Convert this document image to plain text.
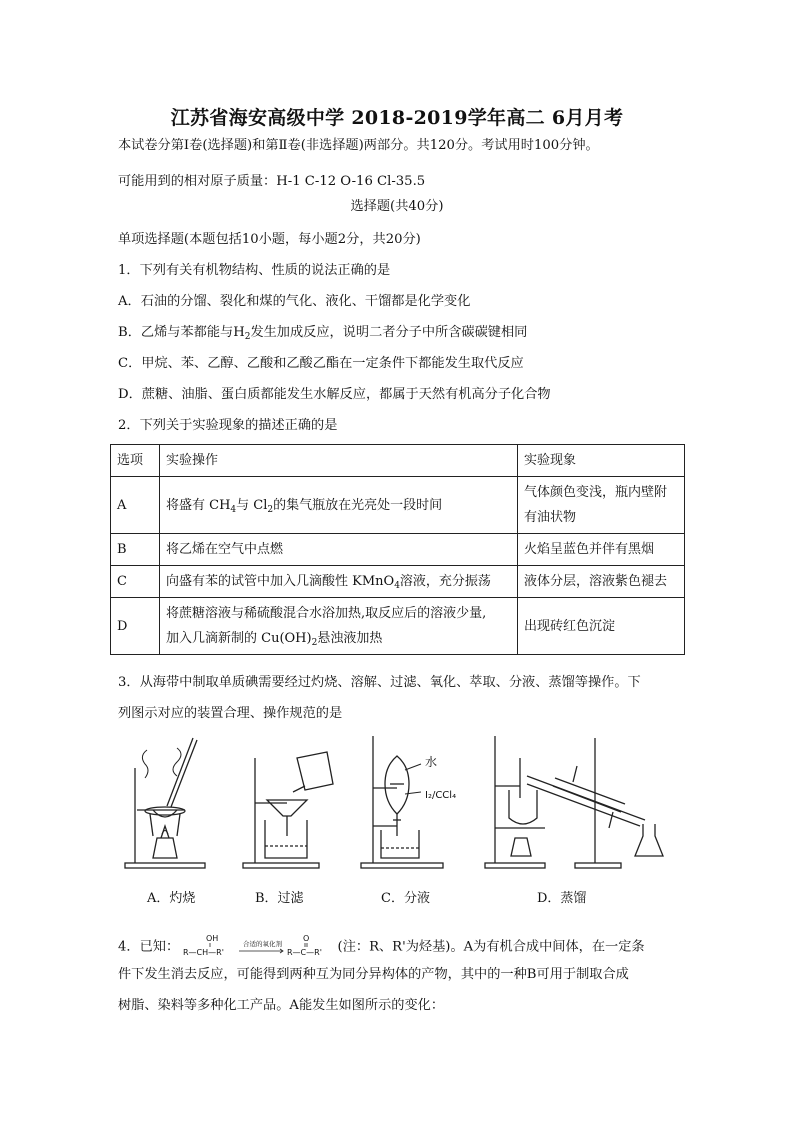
江苏省海安高级中学 2018-2019学年高二 6月月考
本试卷分第Ⅰ卷(选择题)和第Ⅱ卷(非选择题)两部分。共120分。考试用时100分钟。
可能用到的相对原子质量：H-1 C-12 O-16 Cl-35.5
选择题(共40分)
单项选择题(本题包括10小题，每小题2分，共20分)
1．下列有关有机物结构、性质的说法正确的是
A．石油的分馏、裂化和煤的气化、液化、干馏都是化学变化
B．乙烯与苯都能与$H_2$发生加成反应，说明二者分子中所含碳碳键相同
C．甲烷、苯、乙醇、乙酸和乙酸乙酯在一定条件下都能发生取代反应
D．蔗糖、油脂、蛋白质都能发生水解反应，都属于天然有机高分子化合物
2．下列关于实验现象的描述正确的是
选项	实验操作	实验现象
A	将盛有 $CH_4$与 $Cl_2$的集气瓶放在光亮处一段时间	气体颜色变浅，瓶内壁附
有油状物

B	将乙烯在空气中点燃	火焰呈蓝色并伴有黑烟
C	向盛有苯的试管中加入几滴酸性 KMnO$_4$溶液，充分振荡	液体分层，溶液紫色褪去
D	将蔗糖溶液与稀硫酸混合水浴加热,取反应后的溶液少量,
加入几滴新制的 $Cu(OH)_2$悬浊液加热	出现砖红色沉淀
3．从海带中制取单质碘需要经过灼烧、溶解、过滤、氧化、萃取、分液、蒸馏等操作。下
列图示对应的装置合理、操作规范的是
水
I₂/CCl₄
A．灼烧	B．过滤	C．分液	D．蒸馏
4．已知：
OH
R—CH—R'
合适的氧化剂
O
R—C—R' (注：R、R'为烃基)。A为有机合成中间体，在一定条
件下发生消去反应，可能得到两种互为同分异构体的产物，其中的一种B可用于制取合成
树脂、染料等多种化工产品。A能发生如图所示的变化：
